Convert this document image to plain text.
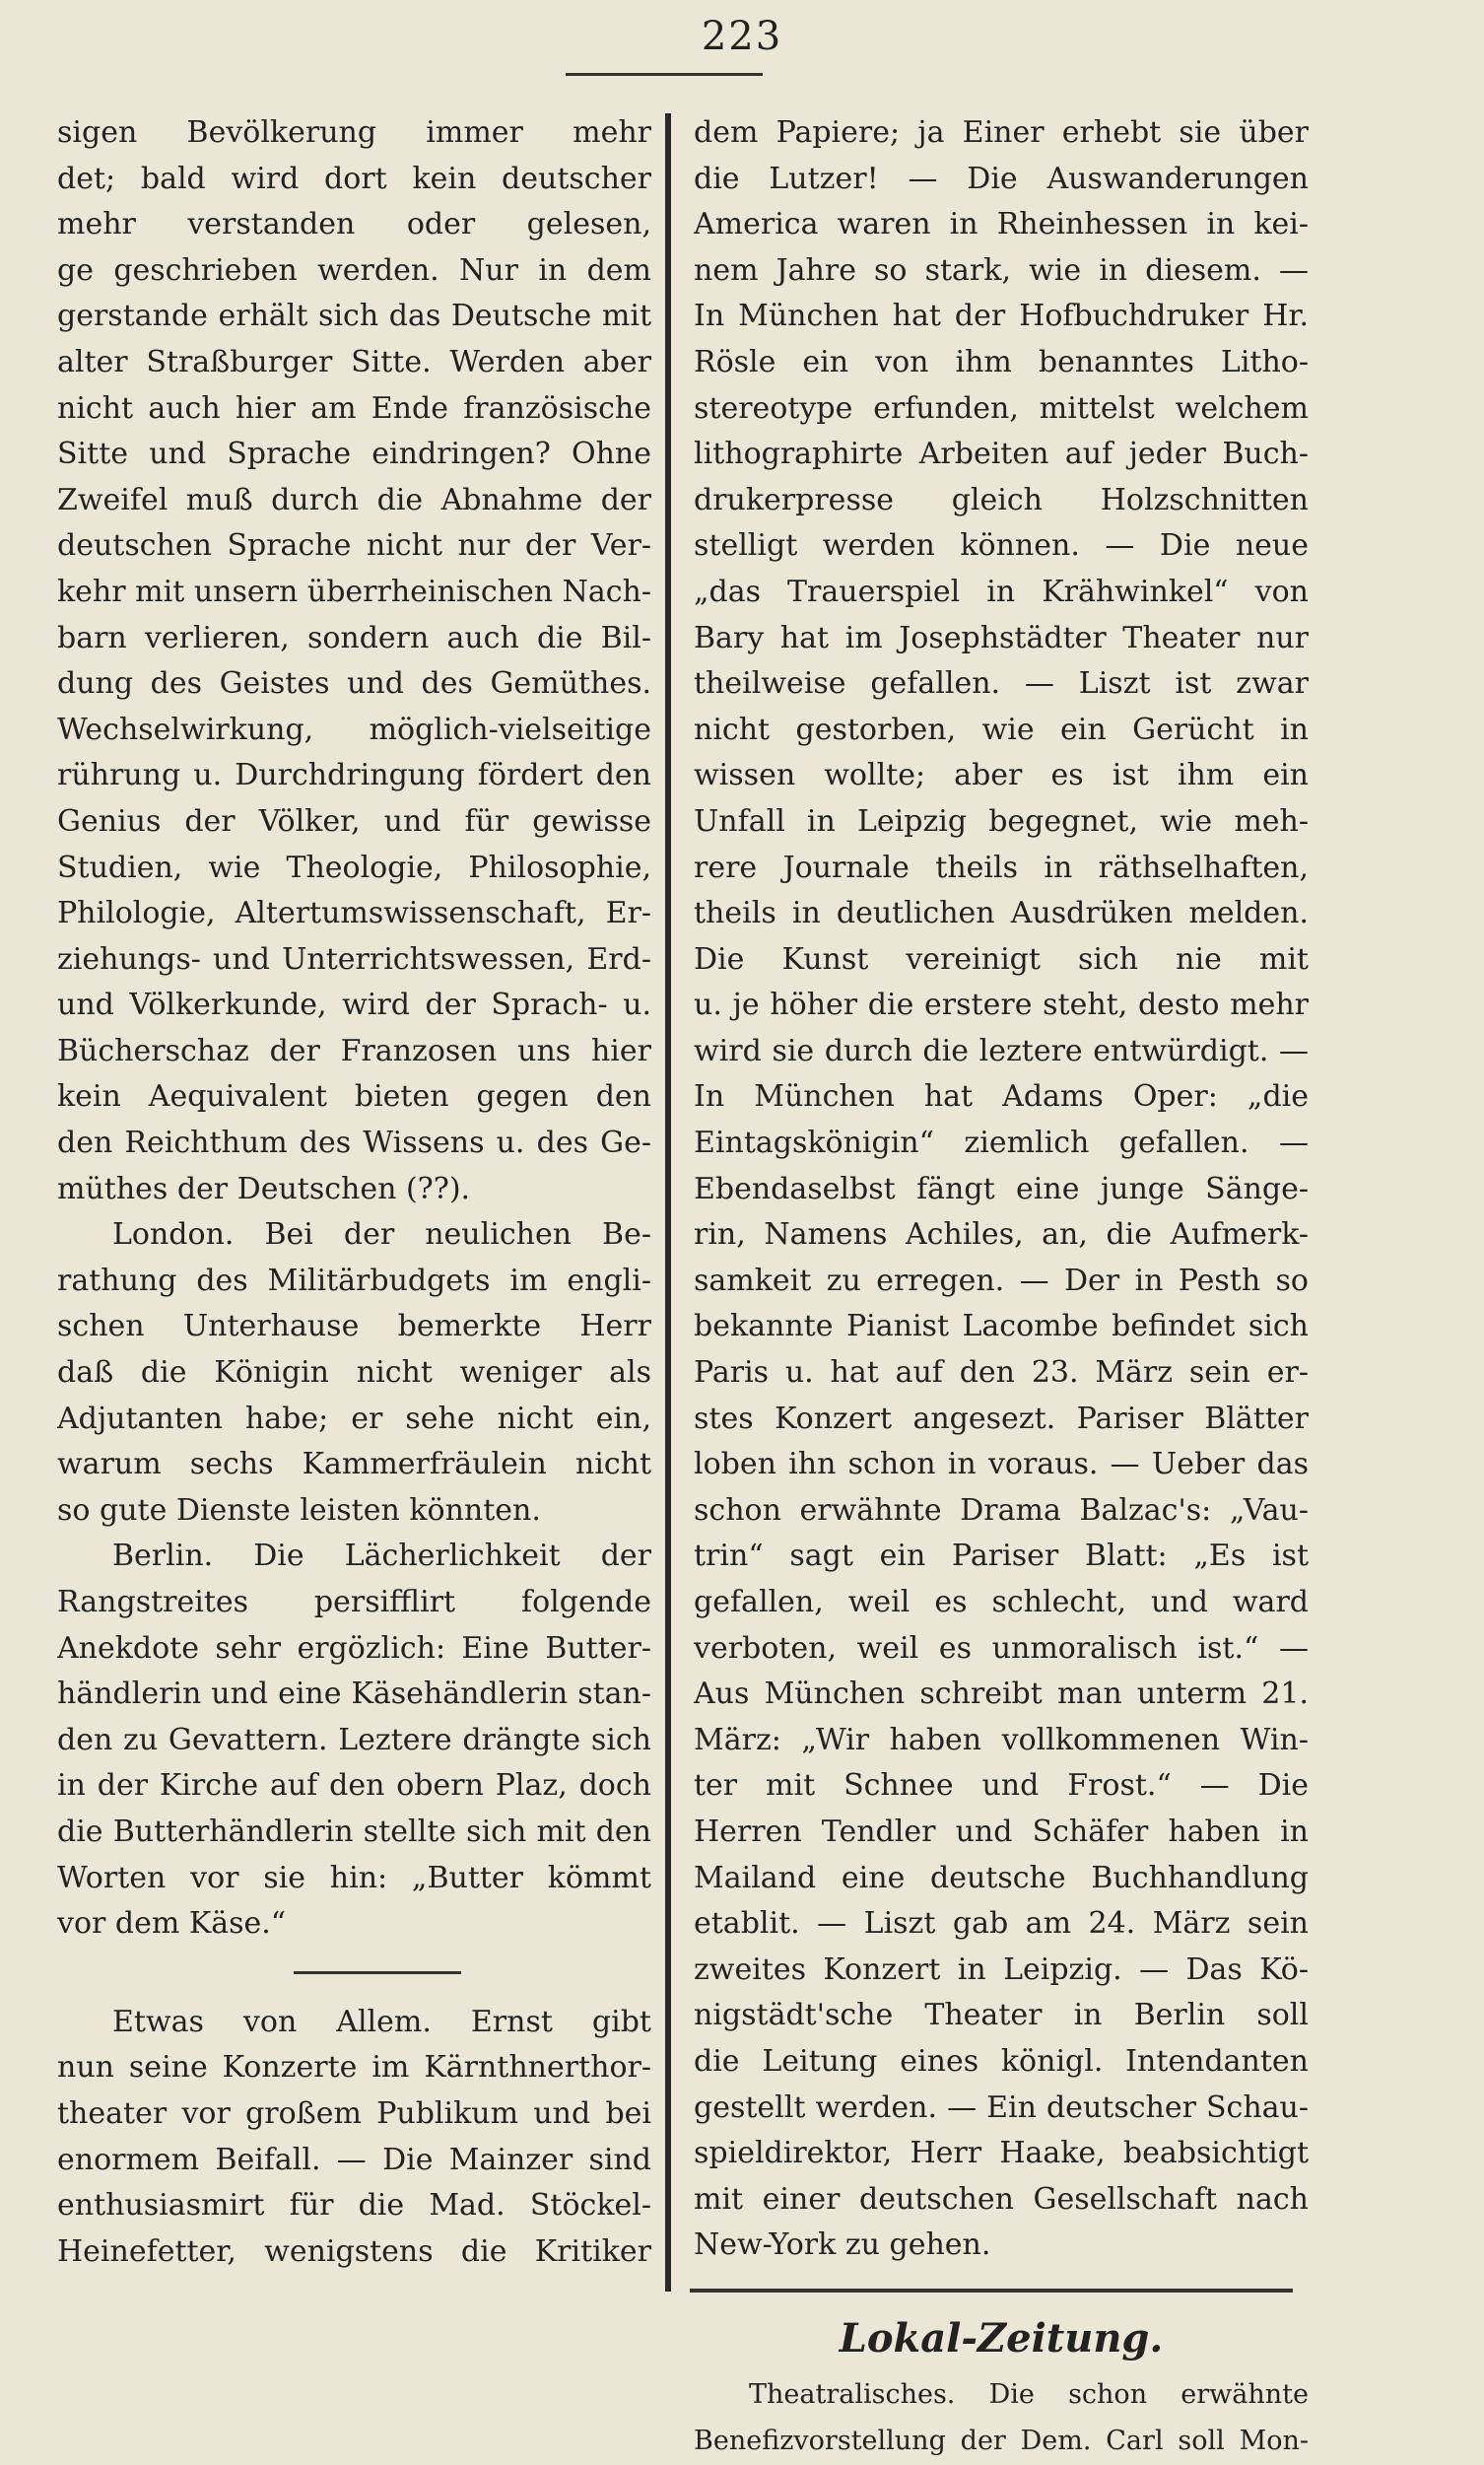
223
sigen Bevölkerung immer mehr
det; bald wird dort kein deutscher
mehr verstanden oder gelesen,
ge geschrieben werden. Nur in dem
gerstande erhält sich das Deutsche mit
alter Straßburger Sitte. Werden aber
nicht auch hier am Ende französische
Sitte und Sprache eindringen? Ohne
Zweifel muß durch die Abnahme der
deutschen Sprache nicht nur der Ver-
kehr mit unsern überrheinischen Nach-
barn verlieren, sondern auch die Bil-
dung des Geistes und des Gemüthes.
Wechselwirkung, möglich-vielseitige
rührung u. Durchdringung fördert den
Genius der Völker, und für gewisse
Studien, wie Theologie, Philosophie,
Philologie, Altertumswissenschaft, Er-
ziehungs- und Unterrichtswessen, Erd-
und Völkerkunde, wird der Sprach- u.
Bücherschaz der Franzosen uns hier
kein Aequivalent bieten gegen den
den Reichthum des Wissens u. des Ge-
müthes der Deutschen (??).
London. Bei der neulichen Be-
rathung des Militärbudgets im engli-
schen Unterhause bemerkte Herr
daß die Königin nicht weniger als
Adjutanten habe; er sehe nicht ein,
warum sechs Kammerfräulein nicht
so gute Dienste leisten könnten.
Berlin. Die Lächerlichkeit der
Rangstreites persifflirt folgende
Anekdote sehr ergözlich: Eine Butter-
händlerin und eine Käsehändlerin stan-
den zu Gevattern. Leztere drängte sich
in der Kirche auf den obern Plaz, doch
die Butterhändlerin stellte sich mit den
Worten vor sie hin: „Butter kömmt
vor dem Käse.“
Etwas von Allem. Ernst gibt
nun seine Konzerte im Kärnthnerthor-
theater vor großem Publikum und bei
enormem Beifall. — Die Mainzer sind
enthusiasmirt für die Mad. Stöckel-
Heinefetter, wenigstens die Kritiker
dem Papiere; ja Einer erhebt sie über
die Lutzer! — Die Auswanderungen
America waren in Rheinhessen in kei-
nem Jahre so stark, wie in diesem. —
In München hat der Hofbuchdruker Hr.
Rösle ein von ihm benanntes Litho-
stereotype erfunden, mittelst welchem
lithographirte Arbeiten auf jeder Buch-
drukerpresse gleich Holzschnitten
stelligt werden können. — Die neue
„das Trauerspiel in Krähwinkel“ von
Bary hat im Josephstädter Theater nur
theilweise gefallen. — Liszt ist zwar
nicht gestorben, wie ein Gerücht in
wissen wollte; aber es ist ihm ein
Unfall in Leipzig begegnet, wie meh-
rere Journale theils in räthselhaften,
theils in deutlichen Ausdrüken melden.
Die Kunst vereinigt sich nie mit
u. je höher die erstere steht, desto mehr
wird sie durch die leztere entwürdigt. —
In München hat Adams Oper: „die
Eintagskönigin“ ziemlich gefallen. —
Ebendaselbst fängt eine junge Sänge-
rin, Namens Achiles, an, die Aufmerk-
samkeit zu erregen. — Der in Pesth so
bekannte Pianist Lacombe befindet sich
Paris u. hat auf den 23. März sein er-
stes Konzert angesezt. Pariser Blätter
loben ihn schon in voraus. — Ueber das
schon erwähnte Drama Balzac's: „Vau-
trin“ sagt ein Pariser Blatt: „Es ist
gefallen, weil es schlecht, und ward
verboten, weil es unmoralisch ist.“ —
Aus München schreibt man unterm 21.
März: „Wir haben vollkommenen Win-
ter mit Schnee und Frost.“ — Die
Herren Tendler und Schäfer haben in
Mailand eine deutsche Buchhandlung
etablit. — Liszt gab am 24. März sein
zweites Konzert in Leipzig. — Das Kö-
nigstädt'sche Theater in Berlin soll
die Leitung eines königl. Intendanten
gestellt werden. — Ein deutscher Schau-
spieldirektor, Herr Haake, beabsichtigt
mit einer deutschen Gesellschaft nach
New-York zu gehen.
Lokal-Zeitung.
Theatralisches. Die schon erwähnte
Benefizvorstellung der Dem. Carl soll Mon-
